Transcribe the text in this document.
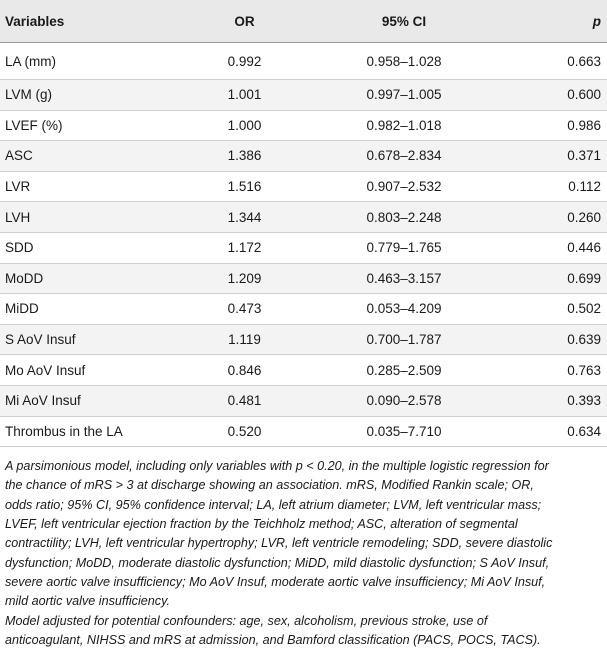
Variables	OR	95% CI	p
LA (mm)	0.992	0.958–1.028	0.663
LVM (g)	1.001	0.997–1.005	0.600
LVEF (%)	1.000	0.982–1.018	0.986
ASC	1.386	0.678–2.834	0.371
LVR	1.516	0.907–2.532	0.112
LVH	1.344	0.803–2.248	0.260
SDD	1.172	0.779–1.765	0.446
MoDD	1.209	0.463–3.157	0.699
MiDD	0.473	0.053–4.209	0.502
S AoV Insuf	1.119	0.700–1.787	0.639
Mo AoV Insuf	0.846	0.285–2.509	0.763
Mi AoV Insuf	0.481	0.090–2.578	0.393
Thrombus in the LA	0.520	0.035–7.710	0.634

A parsimonious model, including only variables with p < 0.20, in the multiple logistic regression for the chance of mRS > 3 at discharge showing an association. mRS, Modified Rankin scale; OR, odds ratio; 95% CI, 95% confidence interval; LA, left atrium diameter; LVM, left ventricular mass; LVEF, left ventricular ejection fraction by the Teichholz method; ASC, alteration of segmental contractility; LVH, left ventricular hypertrophy; LVR, left ventricle remodeling; SDD, severe diastolic dysfunction; MoDD, moderate diastolic dysfunction; MiDD, mild diastolic dysfunction; S AoV Insuf, severe aortic valve insufficiency; Mo AoV Insuf, moderate aortic valve insufficiency; Mi AoV Insuf, mild aortic valve insufficiency.

Model adjusted for potential confounders: age, sex, alcoholism, previous stroke, use of anticoagulant, NIHSS and mRS at admission, and Bamford classification (PACS, POCS, TACS).
